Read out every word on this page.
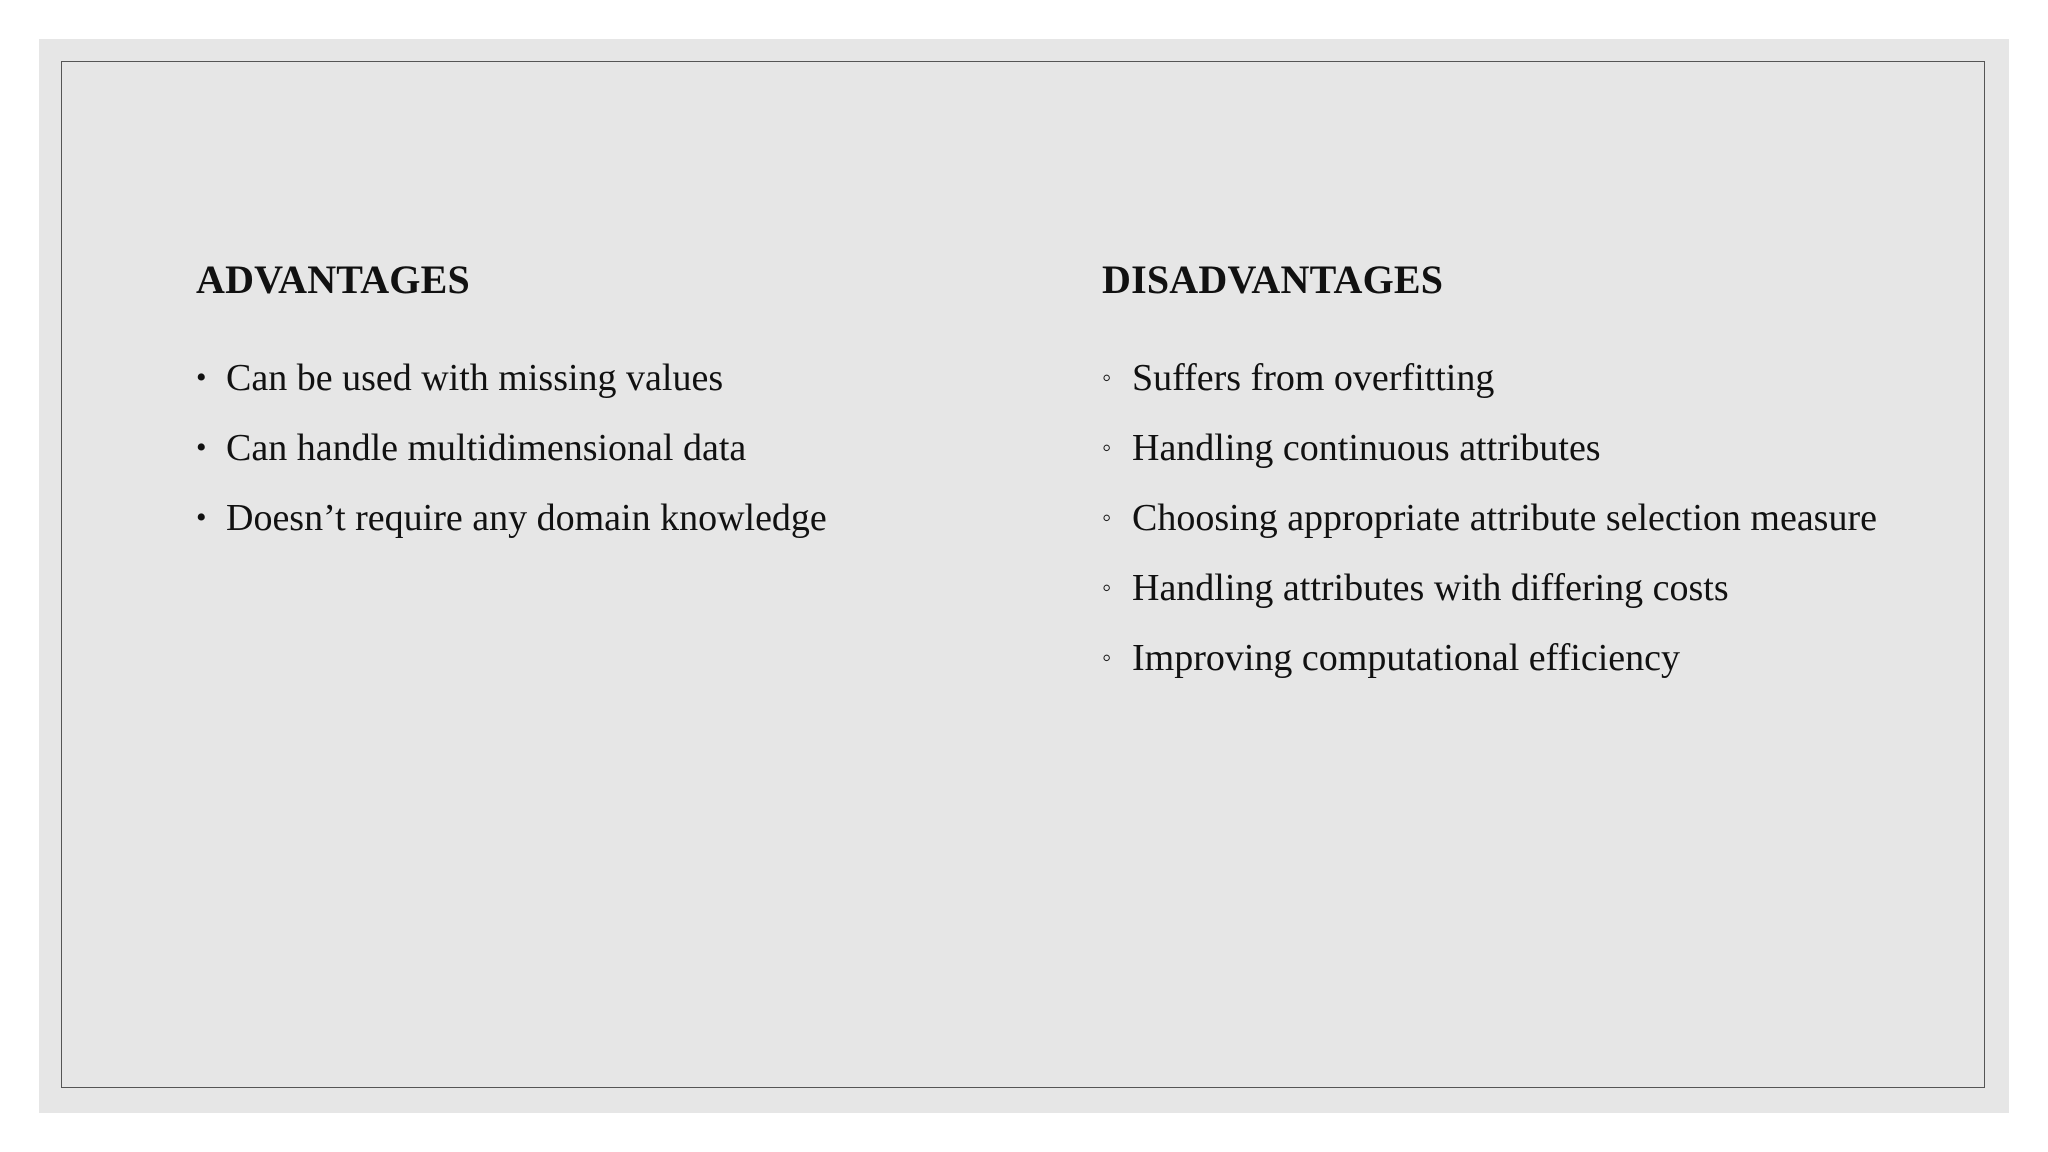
ADVANTAGES
• Can be used with missing values
• Can handle multidimensional data
• Doesn’t require any domain knowledge
DISADVANTAGES
◦ Suffers from overfitting
◦ Handling continuous attributes
◦ Choosing appropriate attribute selection measure
◦ Handling attributes with differing costs
◦ Improving computational efficiency
